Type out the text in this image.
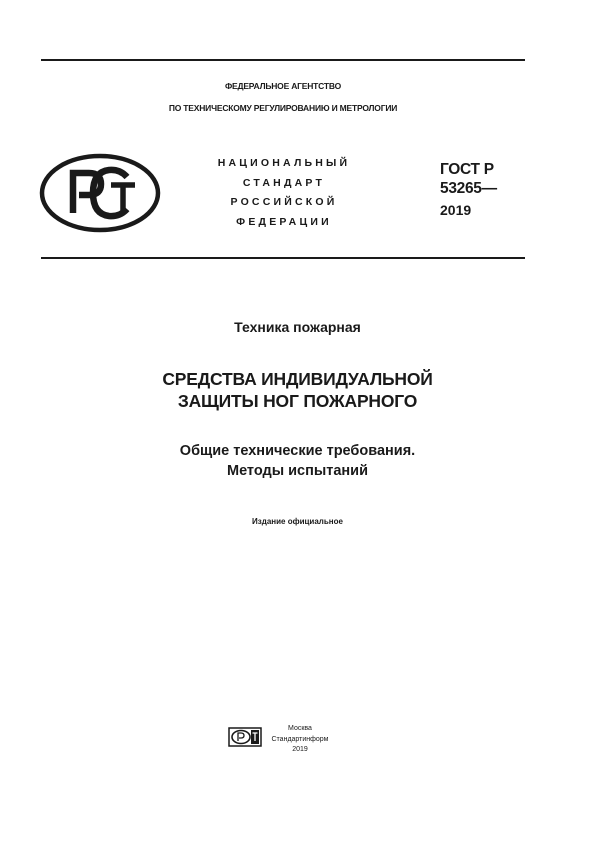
ФЕДЕРАЛЬНОЕ АГЕНТСТВО
ПО ТЕХНИЧЕСКОМУ РЕГУЛИРОВАНИЮ И МЕТРОЛОГИИ
НАЦИОНАЛЬНЫЙ
СТАНДАРТ
РОССИЙСКОЙ
ФЕДЕРАЦИИ
ГОСТ Р
53265—
2019
Техника пожарная
СРЕДСТВА ИНДИВИДУАЛЬНОЙ
ЗАЩИТЫ НОГ ПОЖАРНОГО
Общие технические требования.
Методы испытаний
Издание официальное
Москва
Стандартинформ
2019
